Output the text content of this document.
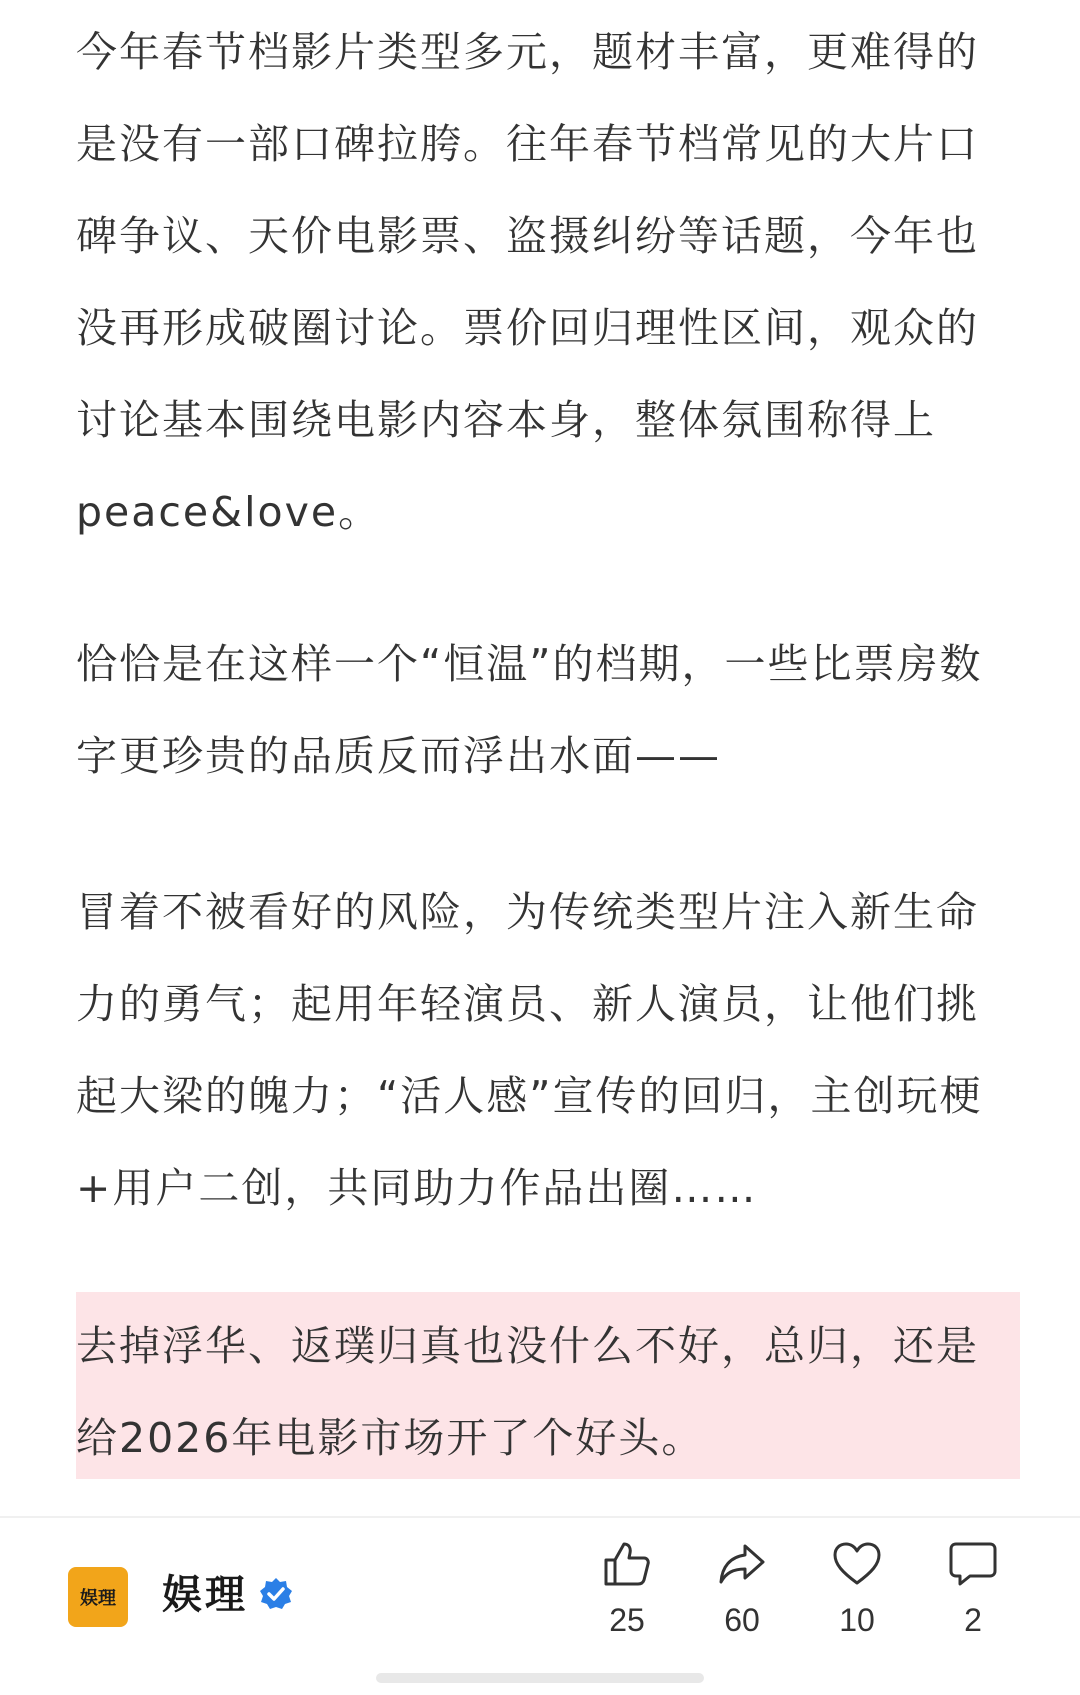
今年春节档影片类型多元，题材丰富，更难得的是没有一部口碑拉胯。往年春节档常见的大片口碑争议、天价电影票、盗摄纠纷等话题，今年也没再形成破圈讨论。票价回归理性区间，观众的讨论基本围绕电影内容本身，整体氛围称得上peace&love。

恰恰是在这样一个“恒温”的档期，一些比票房数字更珍贵的品质反而浮出水面——

冒着不被看好的风险，为传统类型片注入新生命力的勇气；起用年轻演员、新人演员，让他们挑起大梁的魄力；“活人感”宣传的回归，主创玩梗+用户二创，共同助力作品出圈……

去掉浮华、返璞归真也没什么不好，总归，还是给2026年电影市场开了个好头。

娱理 娱理
25	60	10	2
